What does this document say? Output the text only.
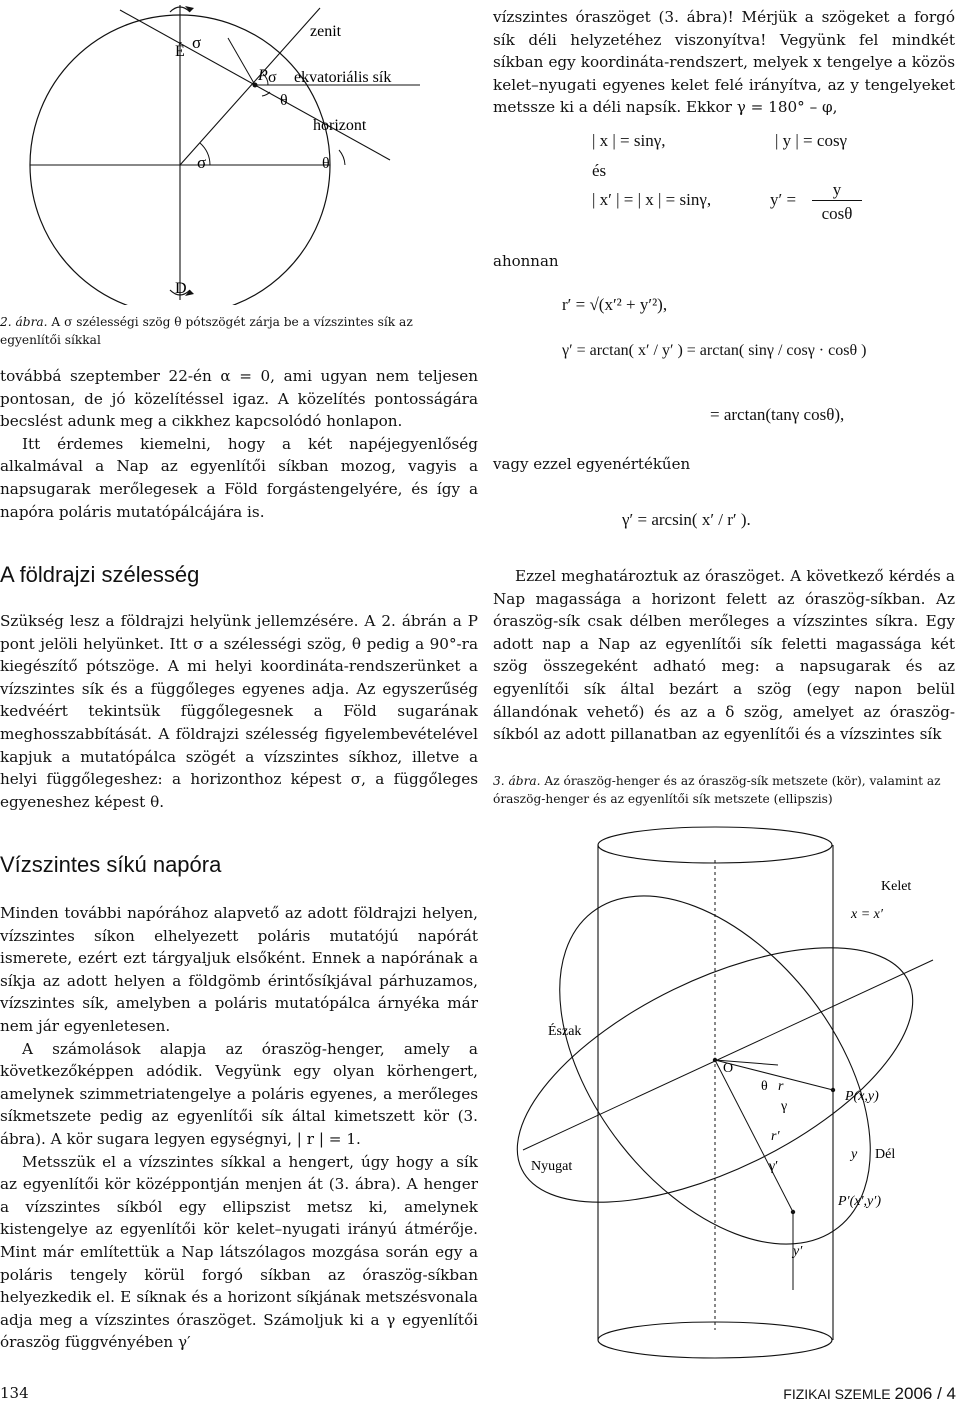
zenit
ekvatoriális sík
horizont
É σ
P σ
θ
σ	θ
D
2. ábra. A σ szélességi szög θ pótszögét zárja be a vízszintes sík az egyenlítői síkkal

továbbá szeptember 22-én α = 0, ami ugyan nem teljesen pontosan, de jó közelítéssel igaz. A közelítés pontosságára becslést adunk meg a cikkhez kapcsolódó honlapon.

Itt érdemes kiemelni, hogy a két napéjegyenlőség alkalmával a Nap az egyenlítői síkban mozog, vagyis a napsugarak merőlegesek a Föld forgástengelyére, és így a napóra poláris mutatópálcájára is.

A földrajzi szélesség

Szükség lesz a földrajzi helyünk jellemzésére. A 2. ábrán a P pont jelöli helyünket. Itt σ a szélességi szög, θ pedig a 90°-ra kiegészítő pótszöge. A mi helyi koordináta-rendszerünket a vízszintes sík és a függőleges egyenes adja. Az egyszerűség kedvéért tekintsük függőlegesnek a Föld sugarának meghosszabbítását. A földrajzi szélesség figyelembevételével kapjuk a mutatópálca szögét a vízszintes síkhoz, illetve a helyi függőlegeshez: a horizonthoz képest σ, a függőleges egyeneshez képest θ.

Vízszintes síkú napóra

Minden további napórához alapvető az adott földrajzi helyen, vízszintes síkon elhelyezett poláris mutatójú napórát ismerete, ezért ezt tárgyaljuk elsőként. Ennek a napórának a síkja az adott helyen a földgömb érintősíkjával párhuzamos, vízszintes sík, amelyben a poláris mutatópálca árnyéka már nem jár egyenletesen.

A számolások alapja az óraszög-henger, amely a következőképpen adódik. Vegyünk egy olyan körhengert, amelynek szimmetriatengelye a poláris egyenes, a merőleges síkmetszete pedig az egyenlítői sík által kimetszett kör (3. ábra). A kör sugara legyen egységnyi, | r | = 1.

Metsszük el a vízszintes síkkal a hengert, úgy hogy a sík az egyenlítői kör középpontján menjen át (3. ábra). A henger a vízszintes síkból egy ellipszist metsz ki, amelynek kistengelye az egyenlítői kör kelet–nyugati irányú átmérője. Mint már említettük a Nap látszólagos mozgása során egy a poláris tengely körül forgó síkban az óraszög-síkban helyezkedik el. E síknak és a horizont síkjának metszésvonala adja meg a vízszintes óraszöget. Számoljuk ki a γ egyenlítői óraszög függvényében γ′

vízszintes óraszöget (3. ábra)! Mérjük a szögeket a forgó sík déli helyzetéhez viszonyítva! Vegyünk fel mindkét síkban egy koordináta-rendszert, melyek x tengelye a közös kelet–nyugati egyenes kelet felé irányítva, az y tengelyeket metssze ki a déli napsík. Ekkor γ = 180° – φ,

| x | = sinγ,	| y | = cosγ
és
| x′ | = | x | = sinγ,	y′ =
y
cosθ
ahonnan
r′ = √(x′² + y′²),
γ′ = arctan( x′ / y′ ) = arctan( sinγ / cosγ · cosθ )
= arctan(tanγ cosθ),
vagy ezzel egyenértékűen
γ′ = arcsin( x′ / r′ ).

Ezzel meghatároztuk az óraszöget. A következő kérdés a Nap magassága a horizont felett az óraszög-síkban. Az óraszög-sík csak délben merőleges a vízszintes síkra. Egy adott nap a Nap az egyenlítői sík feletti magassága két szög összegeként adható meg: a napsugarak és az egyenlítői sík által bezárt a szög (egy napon belül állandónak vehető) és az a δ szög, amelyet az óraszög-síkból az adott pillanatban az egyenlítői és a vízszintes sík

3. ábra. Az óraszög-henger és az óraszög-sík metszete (kör), valamint az óraszög-henger és az egyenlítői sík metszete (ellipszis)
Kelet
x = x′
Észak
O
θ r
γ
P(x,y)
r′
Nyugat
y Dél
γ′
P′(x′,y′)
y′
134	FIZIKAI SZEMLE 2006 / 4
